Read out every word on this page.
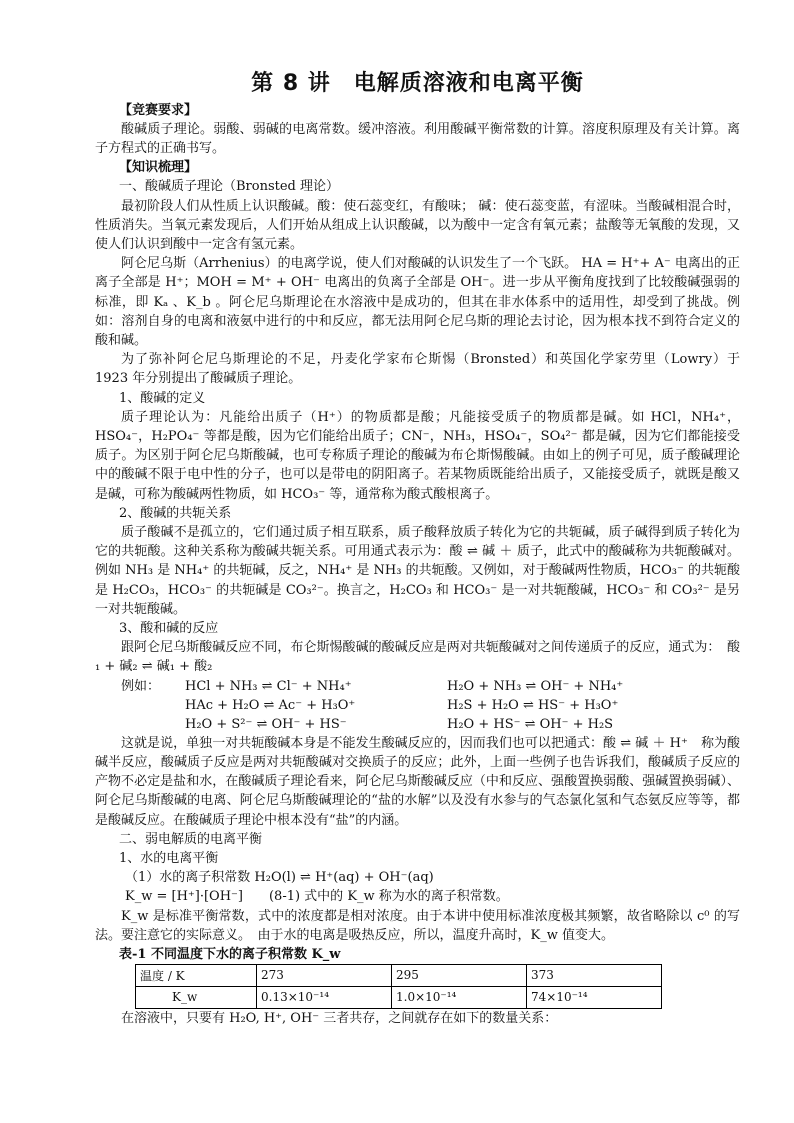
第 8 讲　电解质溶液和电离平衡
【竞赛要求】

酸碱质子理论。弱酸、弱碱的电离常数。缓冲溶液。利用酸碱平衡常数的计算。溶度积原理及有关计算。离子方程式的正确书写。

【知识梳理】
一、酸碱质子理论（Bronsted 理论）

最初阶段人们从性质上认识酸碱。酸：使石蕊变红，有酸味； 碱：使石蕊变蓝，有涩味。当酸碱相混合时，性质消失。当氧元素发现后，人们开始从组成上认识酸碱，以为酸中一定含有氧元素；盐酸等无氧酸的发现，又使人们认识到酸中一定含有氢元素。

阿仑尼乌斯（Arrhenius）的电离学说，使人们对酸碱的认识发生了一个飞跃。 HA = H⁺+ A⁻ 电离出的正离子全部是 H⁺；MOH = M⁺ + OH⁻ 电离出的负离子全部是 OH⁻。进一步从平衡角度找到了比较酸碱强弱的标准，即 Kₐ 、K_b 。阿仑尼乌斯理论在水溶液中是成功的，但其在非水体系中的适用性，却受到了挑战。例如：溶剂自身的电离和液氨中进行的中和反应，都无法用阿仑尼乌斯的理论去讨论，因为根本找不到符合定义的酸和碱。

为了弥补阿仑尼乌斯理论的不足，丹麦化学家布仑斯惕（Bronsted）和英国化学家劳里（Lowry）于 1923 年分别提出了酸碱质子理论。

1、酸碱的定义

质子理论认为：凡能给出质子（H⁺）的物质都是酸；凡能接受质子的物质都是碱。如 HCl，NH₄⁺，HSO₄⁻，H₂PO₄⁻ 等都是酸，因为它们能给出质子；CN⁻，NH₃，HSO₄⁻，SO₄²⁻ 都是碱，因为它们都能接受质子。为区别于阿仑尼乌斯酸碱，也可专称质子理论的酸碱为布仑斯惕酸碱。由如上的例子可见，质子酸碱理论中的酸碱不限于电中性的分子，也可以是带电的阴阳离子。若某物质既能给出质子，又能接受质子，就既是酸又是碱，可称为酸碱两性物质，如 HCO₃⁻ 等，通常称为酸式酸根离子。

2、酸碱的共轭关系

质子酸碱不是孤立的，它们通过质子相互联系，质子酸释放质子转化为它的共轭碱，质子碱得到质子转化为它的共轭酸。这种关系称为酸碱共轭关系。可用通式表示为：酸 ⇌ 碱 ＋ 质子，此式中的酸碱称为共轭酸碱对。例如 NH₃ 是 NH₄⁺ 的共轭碱，反之，NH₄⁺ 是 NH₃ 的共轭酸。又例如，对于酸碱两性物质，HCO₃⁻ 的共轭酸是 H₂CO₃，HCO₃⁻ 的共轭碱是 CO₃²⁻。换言之，H₂CO₃ 和 HCO₃⁻ 是一对共轭酸碱，HCO₃⁻ 和 CO₃²⁻ 是另一对共轭酸碱。

3、酸和碱的反应

跟阿仑尼乌斯酸碱反应不同，布仑斯惕酸碱的酸碱反应是两对共轭酸碱对之间传递质子的反应，通式为：　酸₁ + 碱₂ ⇌ 碱₁ + 酸₂

例如：	HCl + NH₃ ⇌ Cl⁻ + NH₄⁺	H₂O + NH₃ ⇌ OH⁻ + NH₄⁺
HAc + H₂O ⇌ Ac⁻ + H₃O⁺	H₂S + H₂O ⇌ HS⁻ + H₃O⁺
H₂O + S²⁻ ⇌ OH⁻ + HS⁻	H₂O + HS⁻ ⇌ OH⁻ + H₂S

这就是说，单独一对共轭酸碱本身是不能发生酸碱反应的，因而我们也可以把通式：酸 ⇌ 碱 ＋ H⁺　称为酸碱半反应，酸碱质子反应是两对共轭酸碱对交换质子的反应；此外，上面一些例子也告诉我们，酸碱质子反应的产物不必定是盐和水，在酸碱质子理论看来，阿仑尼乌斯酸碱反应（中和反应、强酸置换弱酸、强碱置换弱碱）、阿仑尼乌斯酸碱的电离、阿仑尼乌斯酸碱理论的“盐的水解”以及没有水参与的气态氯化氢和气态氨反应等等，都是酸碱反应。在酸碱质子理论中根本没有“盐”的内涵。

二、弱电解质的电离平衡
1、水的电离平衡
（1）水的离子积常数 H₂O(l) ⇌ H⁺(aq) + OH⁻(aq)
K_w = [H⁺]·[OH⁻]　　(8-1) 式中的 K_w 称为水的离子积常数。

K_w 是标准平衡常数，式中的浓度都是相对浓度。由于本讲中使用标准浓度极其频繁，故省略除以 c⁰ 的写法。要注意它的实际意义。　由于水的电离是吸热反应，所以，温度升高时，K_w 值变大。

表-1 不同温度下水的离子积常数 K_w
温度 / K	273	295	373
K_w	0.13×10⁻¹⁴	1.0×10⁻¹⁴	74×10⁻¹⁴

在溶液中，只要有 H₂O, H⁺, OH⁻ 三者共存，之间就存在如下的数量关系：
